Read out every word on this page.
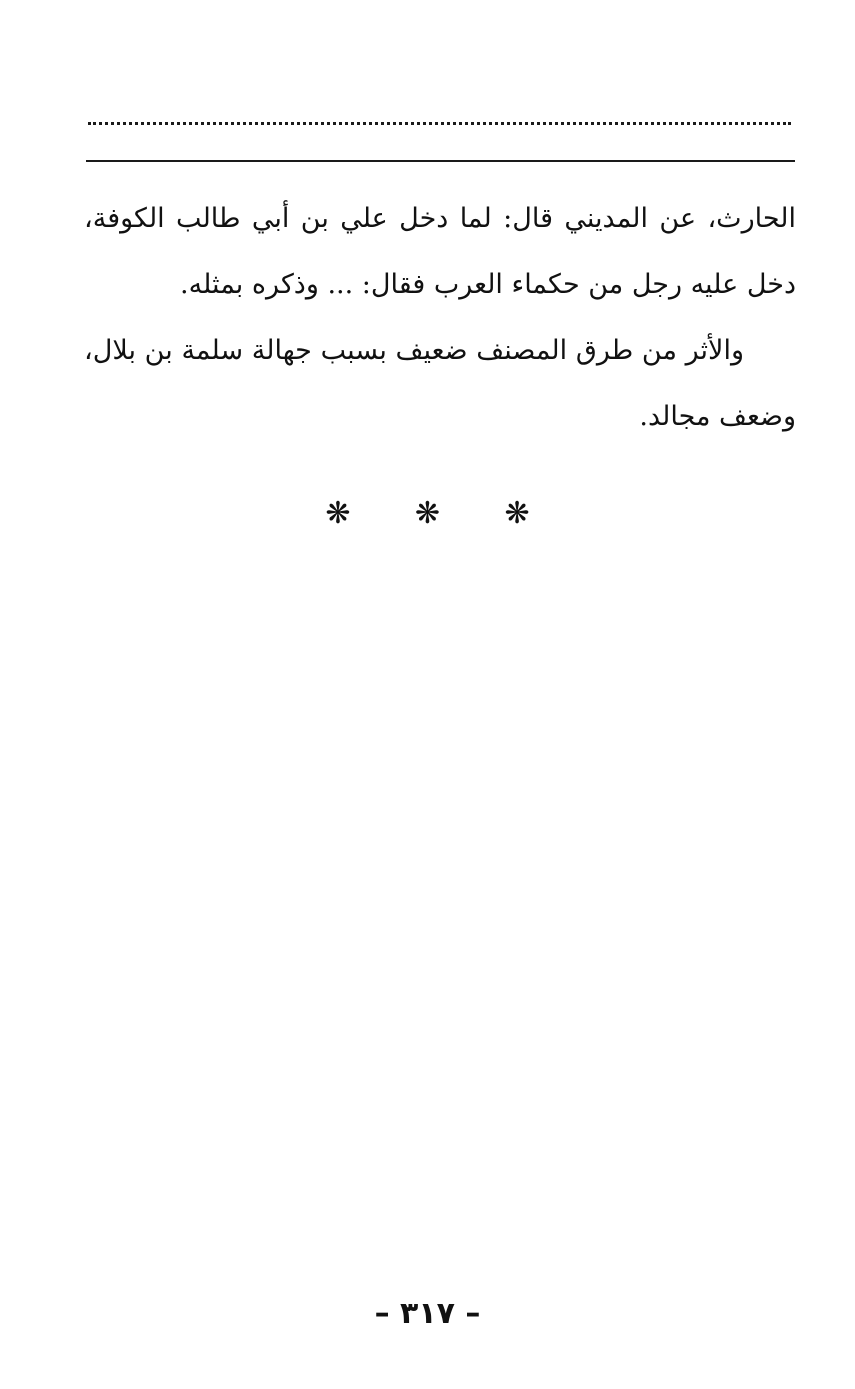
الحارث، عن المديني قال: لما دخل علي بن أبي طالب الكوفة، دخل عليه رجل من حكماء العرب فقال: ... وذكره بمثله.

والأثر من طرق المصنف ضعيف بسبب جهالة سلمة بن بلال، وضعف مجالد.

❋ ❋ ❋
– ٣١٧ –
